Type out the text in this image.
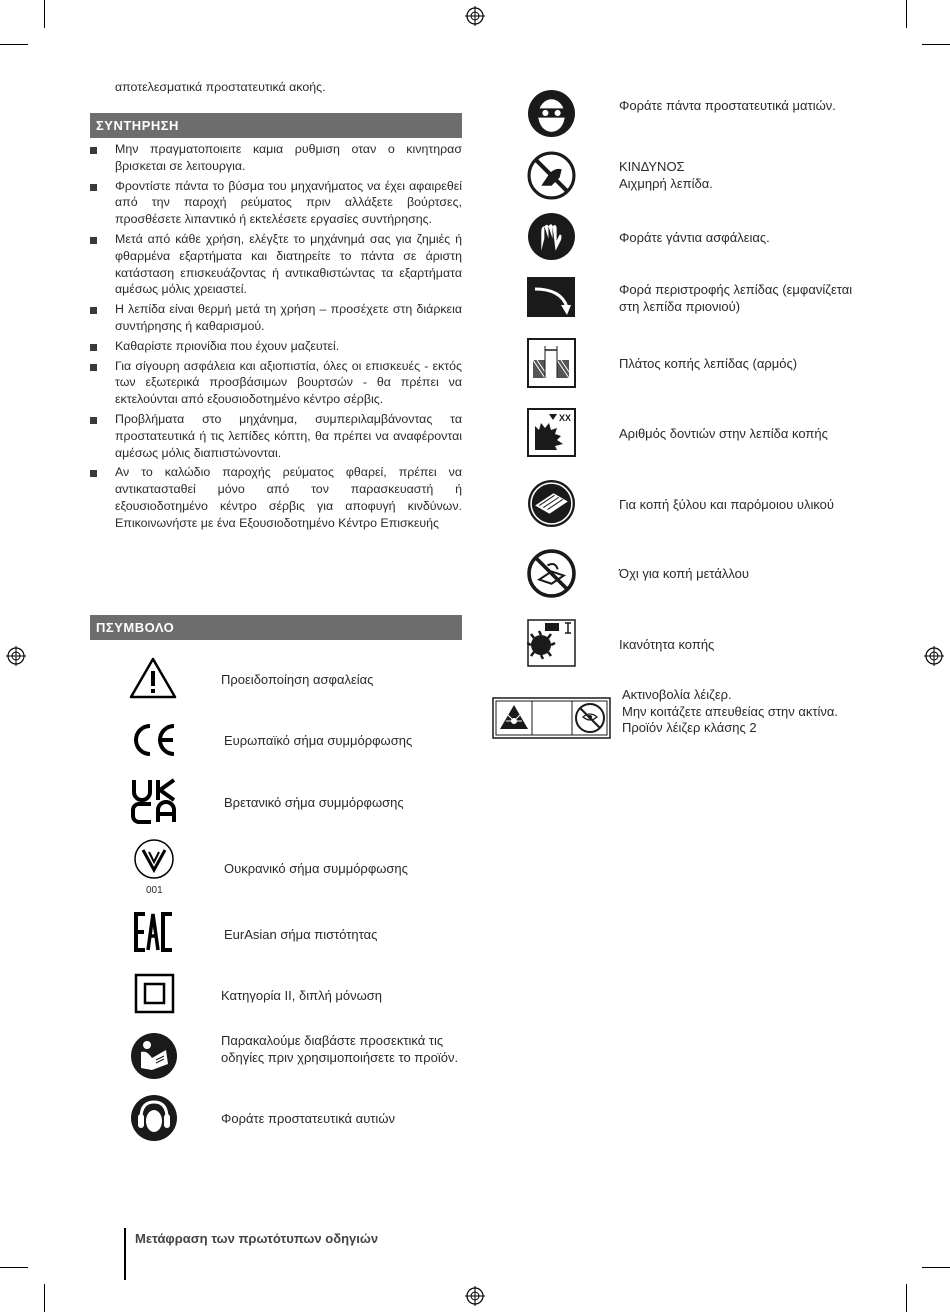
αποτελεσματικά προστατευτικά ακοής.
ΣΥΝΤΗΡΗΣΗ
Μην πραγματοποιειτε καμια ρυθμιση οταν ο κινητηρασ βρισκεται σε λειτουργια.
Φροντίστε πάντα το βύσμα του μηχανήματος να έχει αφαιρεθεί από την παροχή ρεύματος πριν αλλάξετε βούρτσες, προσθέσετε λιπαντικό ή εκτελέσετε εργασίες συντήρησης.
Μετά από κάθε χρήση, ελέγξτε το μηχάνημά σας για ζημιές ή φθαρμένα εξαρτήματα και διατηρείτε το πάντα σε άριστη κατάσταση επισκευάζοντας ή αντικαθιστώντας τα εξαρτήματα αμέσως μόλις χρειαστεί.
Η λεπίδα είναι θερμή μετά τη χρήση – προσέχετε στη διάρκεια συντήρησης ή καθαρισμού.
Καθαρίστε πριονίδια που έχουν μαζευτεί.
Για σίγουρη ασφάλεια και αξιοπιστία, όλες οι επισκευές - εκτός των εξωτερικά προσβάσιμων βουρτσών - θα πρέπει να εκτελούνται από εξουσιοδοτημένο κέντρο σέρβις.
Προβλήματα στο μηχάνημα, συμπεριλαμβάνοντας τα προστατευτικά ή τις λεπίδες κόπτη, θα πρέπει να αναφέρονται αμέσως μόλις διαπιστώνονται.
Αν το καλώδιο παροχής ρεύματος φθαρεί, πρέπει να αντικατασταθεί μόνο από τον παρασκευαστή ή εξουσιοδοτημένο κέντρο σέρβις για αποφυγή κινδύνων. Επικοινωνήστε με ένα Εξουσιοδοτημένο Κέντρο Επισκευής
ΠΣΥΜΒΟΛΟ
Προειδοποίηση ασφαλείας
Ευρωπαϊκό σήμα συμμόρφωσης
Βρετανικό σήμα συμμόρφωσης
001
Ουκρανικό σήμα συμμόρφωσης
EurAsian σήμα πιστότητας
Κατηγορία II, διπλή μόνωση
Παρακαλούμε διαβάστε προσεκτικά τις οδηγίες πριν χρησιμοποιήσετε το προϊόν.
Φοράτε προστατευτικά αυτιών
Φοράτε πάντα προστατευτικά ματιών.
ΚΙΝΔΥΝΟΣ
Αιχμηρή λεπίδα.
Φοράτε γάντια ασφάλειας.
Φορά περιστροφής λεπίδας (εμφανίζεται στη λεπίδα πριονιού)
Πλάτος κοπής λεπίδας (αρμός)
XX
Αριθμός δοντιών στην λεπίδα κοπής
Για κοπή ξύλου και παρόμοιου υλικού
Όχι για κοπή μετάλλου
Ικανότητα κοπής
Ακτινοβολία λέιζερ.
Μην κοιτάζετε απευθείας στην ακτίνα.
Προϊόν λέιζερ κλάσης 2
Μετάφραση των πρωτότυπων οδηγιών
